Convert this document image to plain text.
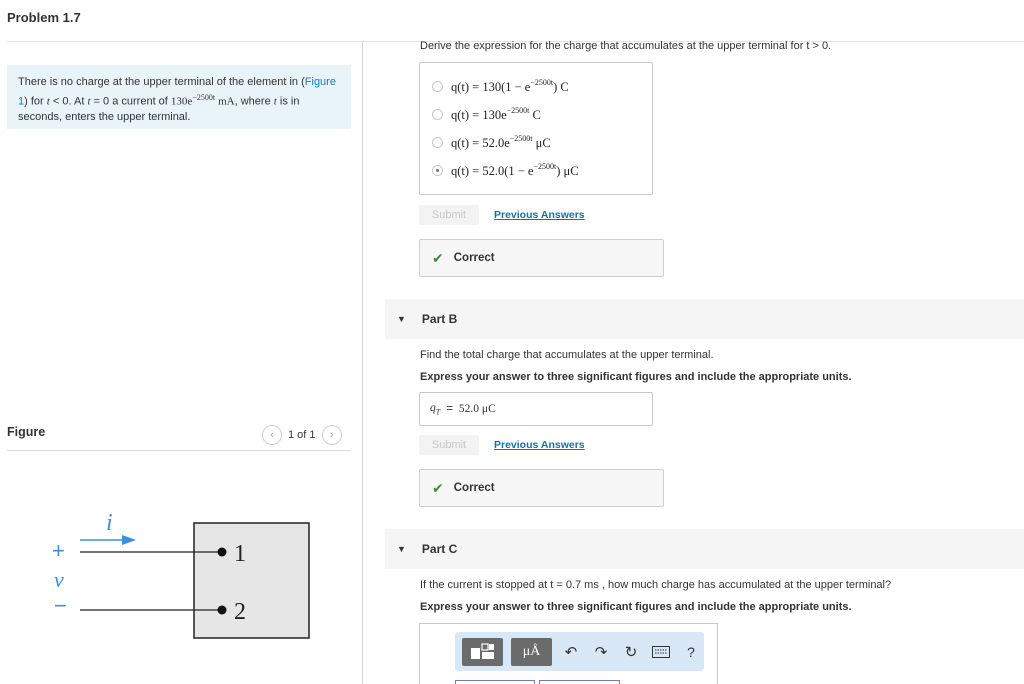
Problem 1.7
There is no charge at the upper terminal of the element in (Figure 1) for t < 0. At t = 0 a current of $130e^{-2500t}$ mA, where t is in seconds, enters the upper terminal.
Figure	‹	1 of 1	›
1
2
i
+
v
−
Derive the expression for the charge that accumulates at the upper terminal for t > 0.
$q(t) = 130(1 - e^{-2500t})$ C
$q(t) = 130e^{-2500t}$ C
$q(t) = 52.0e^{-2500t}$ μC
$q(t) = 52.0(1 - e^{-2500t})$ μC
Submit	Previous Answers
✔ Correct
▼ Part B
Find the total charge that accumulates at the upper terminal.
Express your answer to three significant figures and include the appropriate units.
$q_T = 52.0$ μC
Submit	Previous Answers
✔ Correct
▼ Part C
If the current is stopped at t = 0.7 ms , how much charge has accumulated at the upper terminal?
Express your answer to three significant figures and include the appropriate units.
μÅ	↶	↷	↻	?
